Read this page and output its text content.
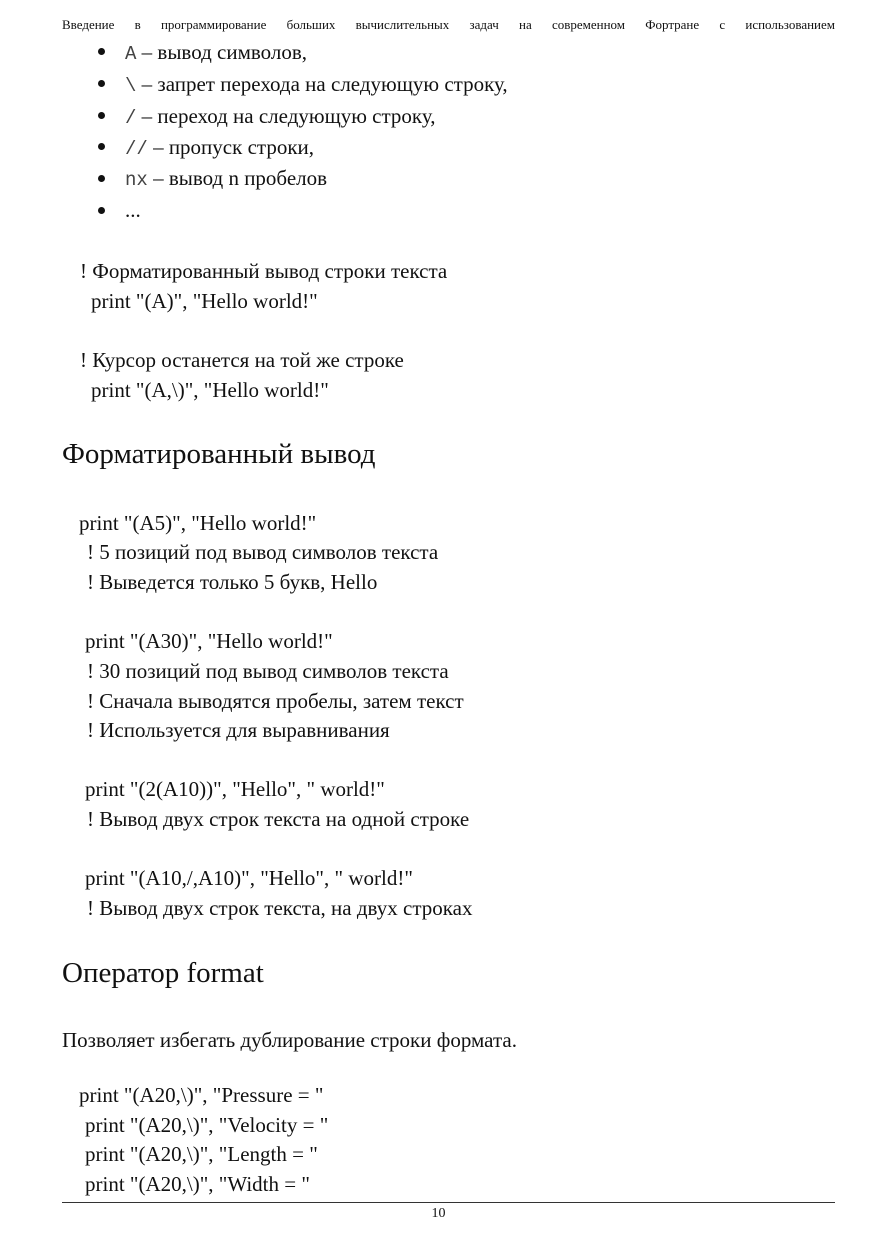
Введение в программирование больших вычислительных задач на современном Фортране с использованием
A – вывод символов,
\ – запрет перехода на следующую строку,
/ – переход на следующую строку,
// – пропуск строки,
nx – вывод n пробелов
...
! Форматированный вывод строки текста
print "(A)", "Hello world!"
! Курсор останется на той же строке
print "(A,\)", "Hello world!"
Форматированный вывод
print "(A5)", "Hello world!"
! 5 позиций под вывод символов текста
! Выведется только 5 букв, Hello
print "(A30)", "Hello world!"
! 30 позиций под вывод символов текста
! Сначала выводятся пробелы, затем текст
! Используется для выравнивания
print "(2(A10))", "Hello", " world!"
! Вывод двух строк текста на одной строке
print "(A10,/,A10)", "Hello", " world!"
! Вывод двух строк текста, на двух строках
Оператор format
Позволяет избегать дублирование строки формата.
print "(A20,\)", "Pressure = "
print "(A20,\)", "Velocity = "
print "(A20,\)", "Length = "
print "(A20,\)", "Width = "
10
